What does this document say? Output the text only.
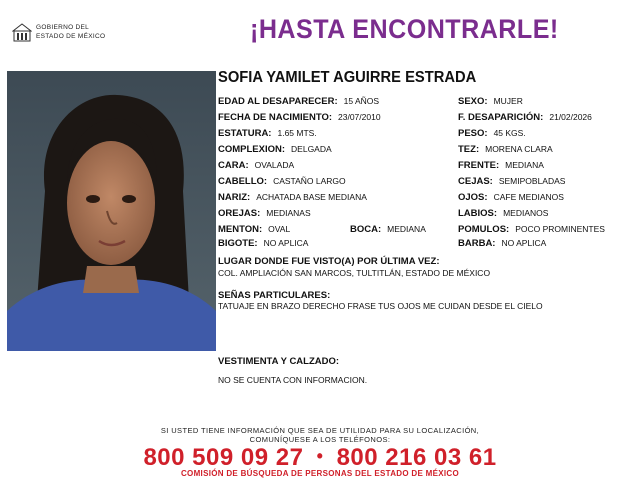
GOBIERNO DEL
ESTADO DE MÉXICO	¡HASTA ENCONTRARLE!
SOFIA YAMILET AGUIRRE ESTRADA
EDAD AL DESAPARECER: 15 AÑOS
FECHA DE NACIMIENTO: 23/07/2010
ESTATURA: 1.65 MTS.
COMPLEXION: DELGADA
CARA: OVALADA
CABELLO: CASTAÑO LARGO
NARIZ: ACHATADA BASE MEDIANA
OREJAS: MEDIANAS
MENTON: OVAL	BOCA: MEDIANA
BIGOTE: NO APLICA
SEXO: MUJER
F. DESAPARICIÓN: 21/02/2026
PESO: 45 KGS.
TEZ: MORENA CLARA
FRENTE: MEDIANA
CEJAS: SEMIPOBLADAS
OJOS: CAFE MEDIANOS
LABIOS: MEDIANOS
POMULOS: POCO PROMINENTES
BARBA: NO APLICA
LUGAR DONDE FUE VISTO(A) POR ÚLTIMA VEZ:
COL. AMPLIACIÓN SAN MARCOS, TULTITLÁN, ESTADO DE MÉXICO
SEÑAS PARTICULARES:
TATUAJE EN BRAZO DERECHO FRASE TUS OJOS ME CUIDAN DESDE EL CIELO
VESTIMENTA Y CALZADO:
NO SE CUENTA CON INFORMACION.
SI USTED TIENE INFORMACIÓN QUE SEA DE UTILIDAD PARA SU LOCALIZACIÓN,
COMUNÍQUESE A LOS TELÉFONOS:
800 509 09 27 • 800 216 03 61
COMISIÓN DE BÚSQUEDA DE PERSONAS DEL ESTADO DE MÉXICO
